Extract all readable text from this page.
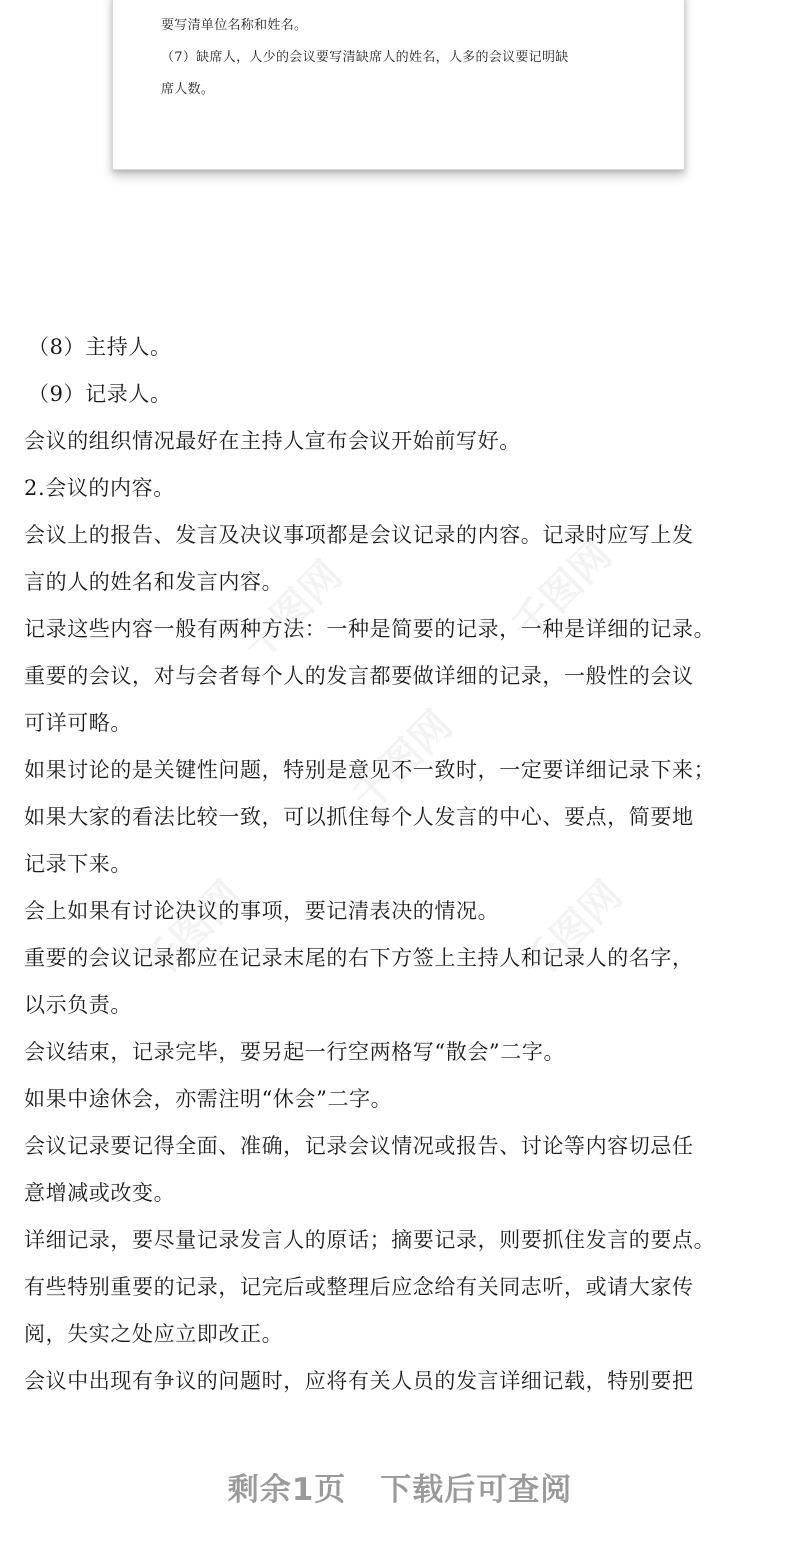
要写清单位名称和姓名。
（7）缺席人，人少的会议要写清缺席人的姓名，人多的会议要记明缺
席人数。
千图网	千图网
千图网
千图网	千图网
（8）主持人。
（9）记录人。
会议的组织情况最好在主持人宣布会议开始前写好。
2.会议的内容。
会议上的报告、发言及决议事项都是会议记录的内容。记录时应写上发
言的人的姓名和发言内容。
记录这些内容一般有两种方法：一种是简要的记录，一种是详细的记录。
重要的会议，对与会者每个人的发言都要做详细的记录，一般性的会议
可详可略。
如果讨论的是关键性问题，特别是意见不一致时，一定要详细记录下来；
如果大家的看法比较一致，可以抓住每个人发言的中心、要点，简要地
记录下来。
会上如果有讨论决议的事项，要记清表决的情况。
重要的会议记录都应在记录末尾的右下方签上主持人和记录人的名字，
以示负责。
会议结束，记录完毕，要另起一行空两格写“散会”二字。
如果中途休会，亦需注明“休会”二字。
会议记录要记得全面、准确，记录会议情况或报告、讨论等内容切忌任
意增减或改变。
详细记录，要尽量记录发言人的原话；摘要记录，则要抓住发言的要点。
有些特别重要的记录，记完后或整理后应念给有关同志听，或请大家传
阅，失实之处应立即改正。
会议中出现有争议的问题时，应将有关人员的发言详细记载，特别要把
剩余1页 下载后可查阅
